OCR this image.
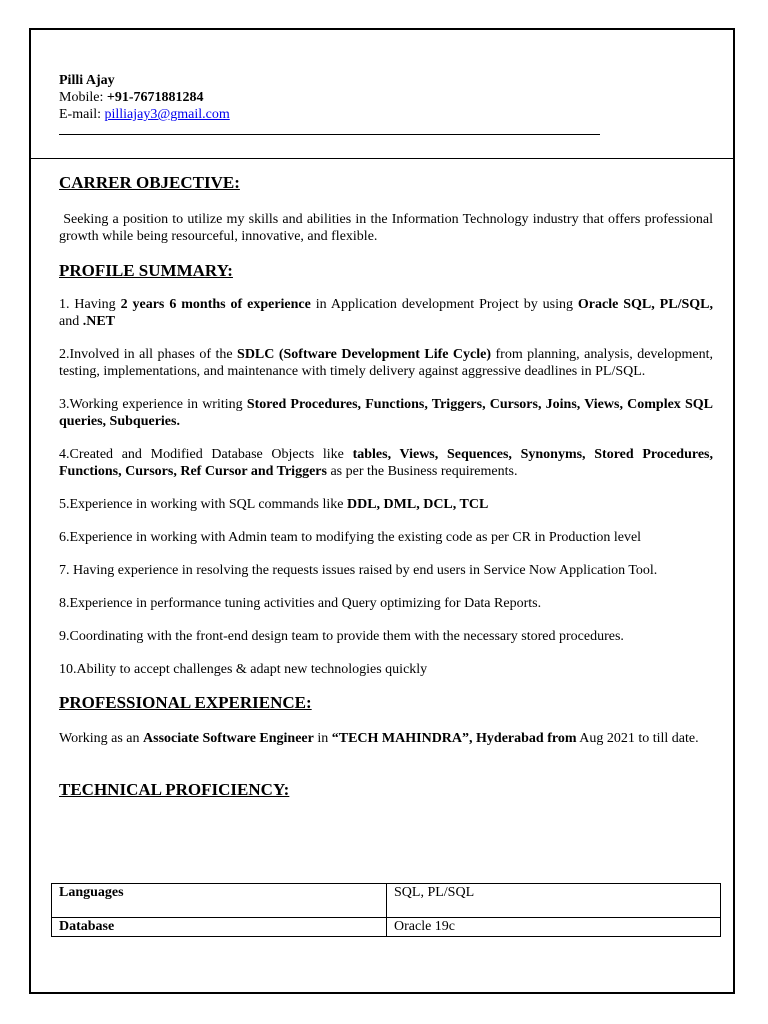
Pilli Ajay
Mobile: +91-7671881284
E-mail: pilliajay3@gmail.com
CARRER OBJECTIVE:

Seeking a position to utilize my skills and abilities in the Information Technology industry that offers professional growth while being resourceful, innovative, and flexible.

PROFILE SUMMARY:

1. Having 2 years 6 months of experience in Application development Project by using Oracle SQL, PL/SQL, and .NET

2.Involved in all phases of the SDLC (Software Development Life Cycle) from planning, analysis, development, testing, implementations, and maintenance with timely delivery against aggressive deadlines in PL/SQL.

3.Working experience in writing Stored Procedures, Functions, Triggers, Cursors, Joins, Views, Complex SQL queries, Subqueries.

4.Created and Modified Database Objects like tables, Views, Sequences, Synonyms, Stored Procedures, Functions, Cursors, Ref Cursor and Triggers as per the Business requirements.

5.Experience in working with SQL commands like DDL, DML, DCL, TCL

6.Experience in working with Admin team to modifying the existing code as per CR in Production level

7. Having experience in resolving the requests issues raised by end users in Service Now Application Tool.

8.Experience in performance tuning activities and Query optimizing for Data Reports.

9.Coordinating with the front-end design team to provide them with the necessary stored procedures.

10.Ability to accept challenges & adapt new technologies quickly

PROFESSIONAL EXPERIENCE:

Working as an Associate Software Engineer in “TECH MAHINDRA”, Hyderabad from Aug 2021 to till date.

TECHNICAL PROFICIENCY:
Languages	SQL, PL/SQL
Database	Oracle 19c
